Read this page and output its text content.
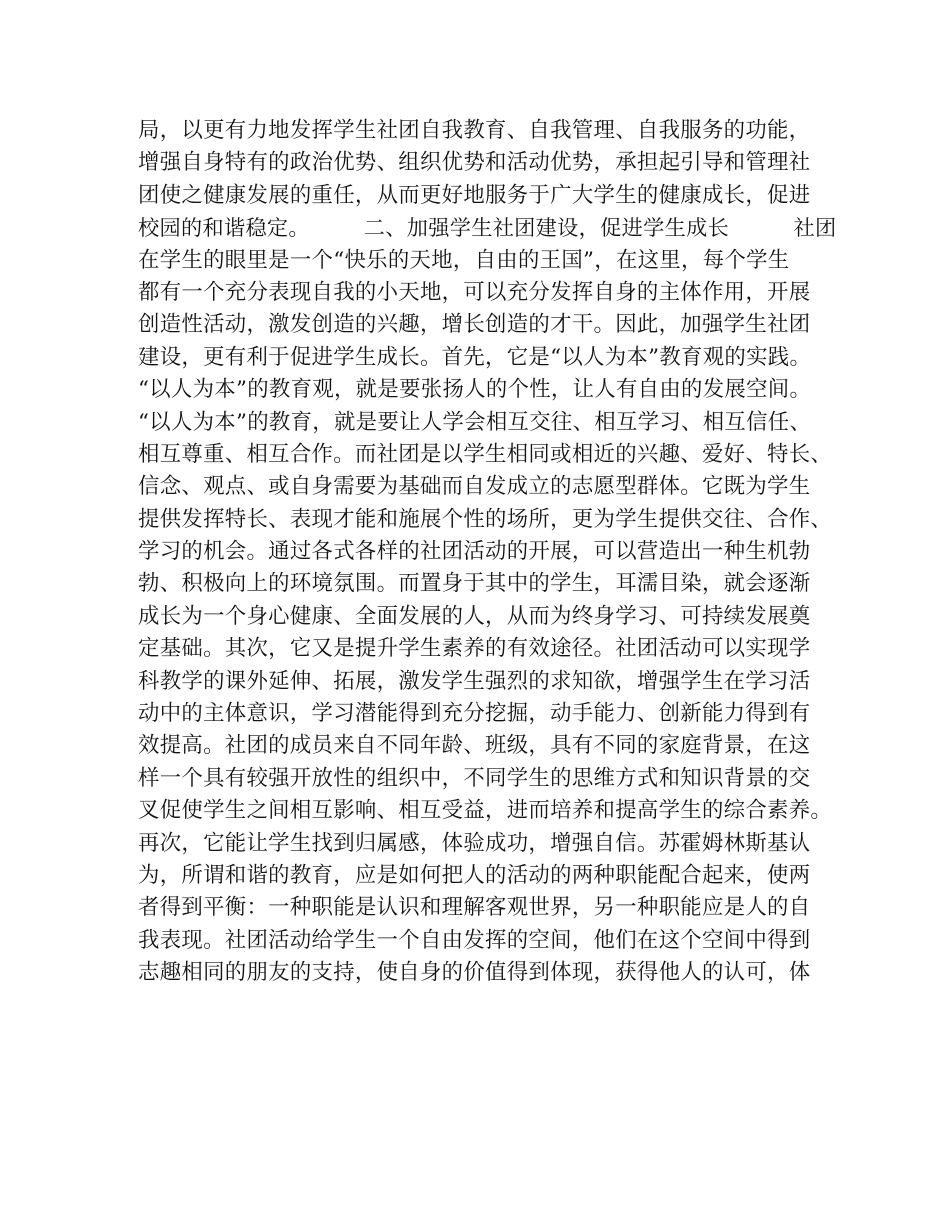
局，以更有力地发挥学生社团自我教育、自我管理、自我服务的功能，
增强自身特有的政治优势、组织优势和活动优势，承担起引导和管理社
团使之健康发展的重任，从而更好地服务于广大学生的健康成长，促进
校园的和谐稳定。　　　二、加强学生社团建设，促进学生成长　　　社团
在学生的眼里是一个“快乐的天地，自由的王国”，在这里，每个学生
都有一个充分表现自我的小天地，可以充分发挥自身的主体作用，开展
创造性活动，激发创造的兴趣，增长创造的才干。因此，加强学生社团
建设，更有利于促进学生成长。首先，它是“以人为本”教育观的实践。
“以人为本”的教育观，就是要张扬人的个性，让人有自由的发展空间。
“以人为本”的教育，就是要让人学会相互交往、相互学习、相互信任、
相互尊重、相互合作。而社团是以学生相同或相近的兴趣、爱好、特长、
信念、观点、或自身需要为基础而自发成立的志愿型群体。它既为学生
提供发挥特长、表现才能和施展个性的场所，更为学生提供交往、合作、
学习的机会。通过各式各样的社团活动的开展，可以营造出一种生机勃
勃、积极向上的环境氛围。而置身于其中的学生，耳濡目染，就会逐渐
成长为一个身心健康、全面发展的人，从而为终身学习、可持续发展奠
定基础。其次，它又是提升学生素养的有效途径。社团活动可以实现学
科教学的课外延伸、拓展，激发学生强烈的求知欲，增强学生在学习活
动中的主体意识，学习潜能得到充分挖掘，动手能力、创新能力得到有
效提高。社团的成员来自不同年龄、班级，具有不同的家庭背景，在这
样一个具有较强开放性的组织中，不同学生的思维方式和知识背景的交
叉促使学生之间相互影响、相互受益，进而培养和提高学生的综合素养。
再次，它能让学生找到归属感，体验成功，增强自信。苏霍姆林斯基认
为，所谓和谐的教育，应是如何把人的活动的两种职能配合起来，使两
者得到平衡：一种职能是认识和理解客观世界，另一种职能应是人的自
我表现。社团活动给学生一个自由发挥的空间，他们在这个空间中得到
志趣相同的朋友的支持，使自身的价值得到体现，获得他人的认可，体
